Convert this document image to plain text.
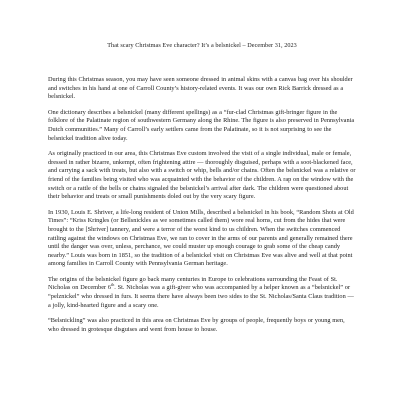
That scary Christmas Eve character? It’s a belsnickel – December 31, 2023

During this Christmas season, you may have seen someone dressed in animal skins with a canvas bag over his shoulder and switches in his hand at one of Carroll County’s history-related events. It was our own Rick Barrick dressed as a belsnickel.

One dictionary describes a belsnickel (many different spellings) as a “fur-clad Christmas gift-bringer figure in the folklore of the Palatinate region of southwestern Germany along the Rhine. The figure is also preserved in Pennsylvania Dutch communities.” Many of Carroll’s early settlers came from the Palatinate, so it is not surprising to see the belsnickel tradition alive today.

As originally practiced in our area, this Christmas Eve custom involved the visit of a single individual, male or female, dressed in rather bizarre, unkempt, often frightening attire — thoroughly disguised, perhaps with a soot-blackened face, and carrying a sack with treats, but also with a switch or whip, bells and/or chains. Often the belsnickel was a relative or friend of the families being visited who was acquainted with the behavior of the children. A rap on the window with the switch or a rattle of the bells or chains signaled the belsnickel’s arrival after dark. The children were questioned about their behavior and treats or small punishments doled out by the very scary figure.

In 1930, Louis E. Shriver, a life-long resident of Union Mills, described a belsnickel in his book, “Random Shots at Old Times”: “Kriss Kringles (or Bellsnickles as we sometimes called them) wore real horns, cut from the hides that were brought to the [Shriver] tannery, and were a terror of the worst kind to us children. When the switches commenced rattling against the windows on Christmas Eve, we ran to cover in the arms of our parents and generally remained there until the danger was over, unless, perchance, we could muster up enough courage to grab some of the cheap candy nearby.” Louis was born in 1851, so the tradition of a belsnickel visit on Christmas Eve was alive and well at that point among families in Carroll County with Pennsylvania German heritage.

The origins of the belsnickel figure go back many centuries in Europe to celebrations surrounding the Feast of St. Nicholas on December 6th. St. Nicholas was a gift-giver who was accompanied by a helper known as a “belsnickel” or “pelznickel” who dressed in furs. It seems there have always been two sides to the St. Nicholas/Santa Claus tradition — a jolly, kind-hearted figure and a scary one.

“Belsnickling” was also practiced in this area on Christmas Eve by groups of people, frequently boys or young men, who dressed in grotesque disguises and went from house to house.
